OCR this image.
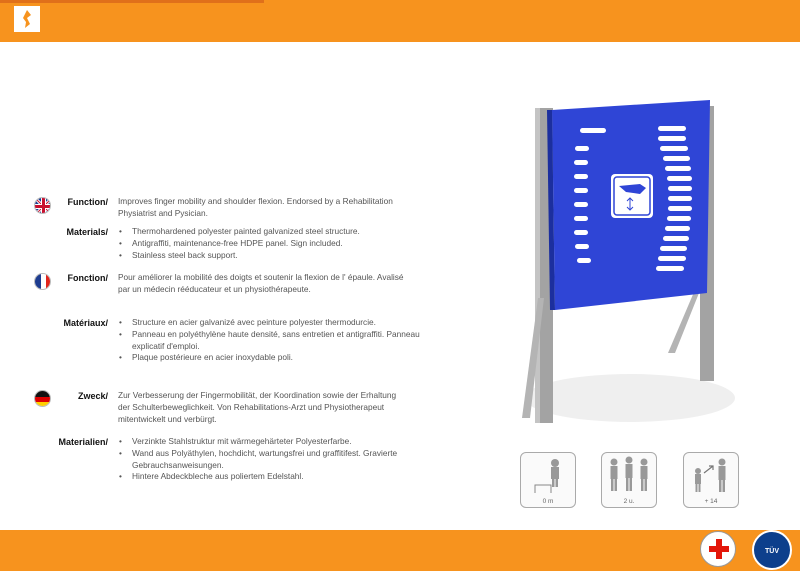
Function/ Improves finger mobility and shoulder flexion. Endorsed by a Rehabilitation Physiatrist and Pysician.
Materials/	• Thermohardened polyester painted galvanized steel structure.
• Antigraffiti, maintenance-free HDPE panel. Sign included.
• Stainless steel back support.
Fonction/ Pour améliorer la mobilité des doigts et soutenir la flexion de l' épaule. Avalisé par un médecin rééducateur et un physiothérapeute.
Matériaux/	• Structure en acier galvanizé avec peinture polyester thermodurcie.
• Panneau en polyéthylène haute densité, sans entretien et antigraffiti. Panneau explicatif d'emploi.
• Plaque postérieure en acier inoxydable poli.
Zweck/ Zur Verbesserung der Fingermobilität, der Koordination sowie der Erhaltung der Schulterbeweglichkeit. Von Rehabilitations-Arzt und Physiotherapeut mitentwickelt und verbürgt.
Materialien/	• Verzinkte Stahlstruktur mit wärmegehärteter Polyesterfarbe.
• Wand aus Polyäthylen, hochdicht, wartungsfrei und graffitifest. Gravierte Gebrauchsanweisungen.
• Hintere Abdeckbleche aus poliertem Edelstahl.
0 m	2 u.	+ 14
TÜV
